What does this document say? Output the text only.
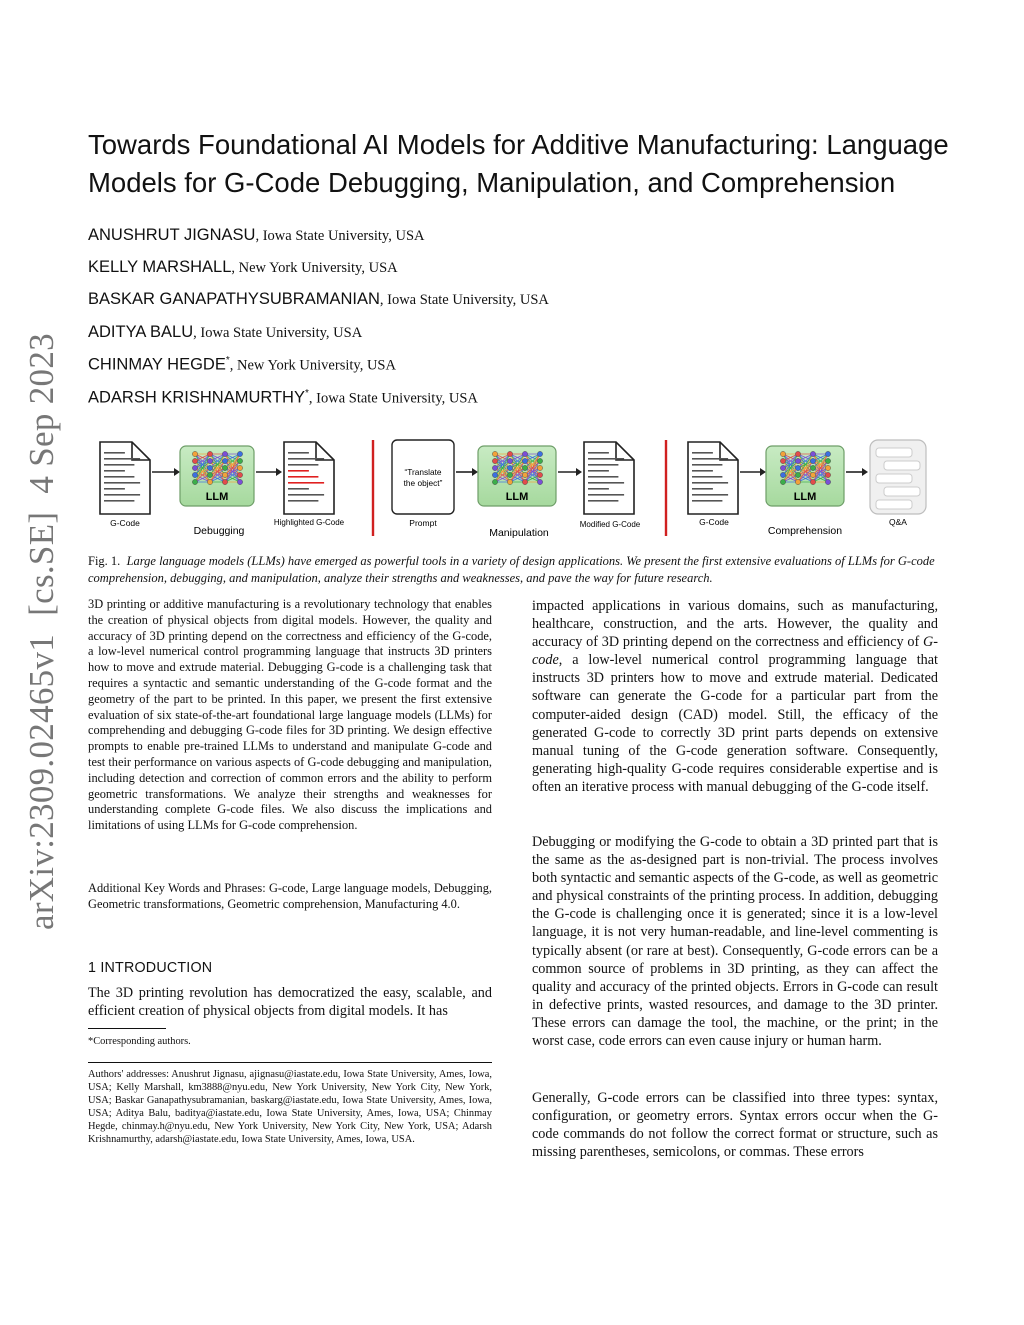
arXiv:2309.02465v1  [cs.SE]  4 Sep 2023
Towards Foundational AI Models for Additive Manufacturing: Language Models for G-Code Debugging, Manipulation, and Comprehension
ANUSHRUT JIGNASU, Iowa State University, USA
KELLY MARSHALL, New York University, USA
BASKAR GANAPATHYSUBRAMANIAN, Iowa State University, USA
ADITYA BALU, Iowa State University, USA
CHINMAY HEGDE*, New York University, USA
ADARSH KRISHNAMURTHY*, Iowa State University, USA
G-Code
LLM
Debugging
Highlighted G-Code
“Translate
the object”
Prompt
LLM
Manipulation
Modified G-Code	G-Code
LLM
Comprehension
Q&A
Fig. 1. Large language models (LLMs) have emerged as powerful tools in a variety of design applications. We present the first extensive evaluations of LLMs for G-code comprehension, debugging, and manipulation, analyze their strengths and weaknesses, and pave the way for future research.
3D printing or additive manufacturing is a revolutionary technology that enables the creation of physical objects from digital models. However, the quality and accuracy of 3D printing depend on the correctness and efficiency of the G-code, a low-level numerical control programming language that instructs 3D printers how to move and extrude material. Debugging G-code is a challenging task that requires a syntactic and semantic understanding of the G-code format and the geometry of the part to be printed. In this paper, we present the first extensive evaluation of six state-of-the-art foundational large language models (LLMs) for comprehending and debugging G-code files for 3D printing. We design effective prompts to enable pre-trained LLMs to understand and manipulate G-code and test their performance on various aspects of G-code debugging and manipulation, including detection and correction of common errors and the ability to perform geometric transformations. We analyze their strengths and weaknesses for understanding complete G-code files. We also discuss the implications and limitations of using LLMs for G-code comprehension.
Additional Key Words and Phrases: G-code, Large language models, Debugging, Geometric transformations, Geometric comprehension, Manufacturing 4.0.
1 INTRODUCTION
The 3D printing revolution has democratized the easy, scalable, and efficient creation of physical objects from digital models. It has
*Corresponding authors.
Authors' addresses: Anushrut Jignasu, ajignasu@iastate.edu, Iowa State University, Ames, Iowa, USA; Kelly Marshall, km3888@nyu.edu, New York University, New York City, New York, USA; Baskar Ganapathysubramanian, baskarg@iastate.edu, Iowa State University, Ames, Iowa, USA; Aditya Balu, baditya@iastate.edu, Iowa State University, Ames, Iowa, USA; Chinmay Hegde, chinmay.h@nyu.edu, New York University, New York City, New York, USA; Adarsh Krishnamurthy, adarsh@iastate.edu, Iowa State University, Ames, Iowa, USA.
impacted applications in various domains, such as manufacturing, healthcare, construction, and the arts. However, the quality and accuracy of 3D printing depend on the correctness and efficiency of G-code, a low-level numerical control programming language that instructs 3D printers how to move and extrude material. Dedicated software can generate the G-code for a particular part from the computer-aided design (CAD) model. Still, the efficacy of the generated G-code to correctly 3D print parts depends on extensive manual tuning of the G-code generation software. Consequently, generating high-quality G-code requires considerable expertise and is often an iterative process with manual debugging of the G-code itself.
Debugging or modifying the G-code to obtain a 3D printed part that is the same as the as-designed part is non-trivial. The process involves both syntactic and semantic aspects of the G-code, as well as geometric and physical constraints of the printing process. In addition, debugging the G-code is challenging once it is generated; since it is a low-level language, it is not very human-readable, and line-level commenting is typically absent (or rare at best). Consequently, G-code errors can be a common source of problems in 3D printing, as they can affect the quality and accuracy of the printed objects. Errors in G-code can result in defective prints, wasted resources, and damage to the 3D printer. These errors can damage the tool, the machine, or the print; in the worst case, code errors can even cause injury or human harm.
Generally, G-code errors can be classified into three types: syntax, configuration, or geometry errors. Syntax errors occur when the G-code commands do not follow the correct format or structure, such as missing parentheses, semicolons, or commas. These errors
